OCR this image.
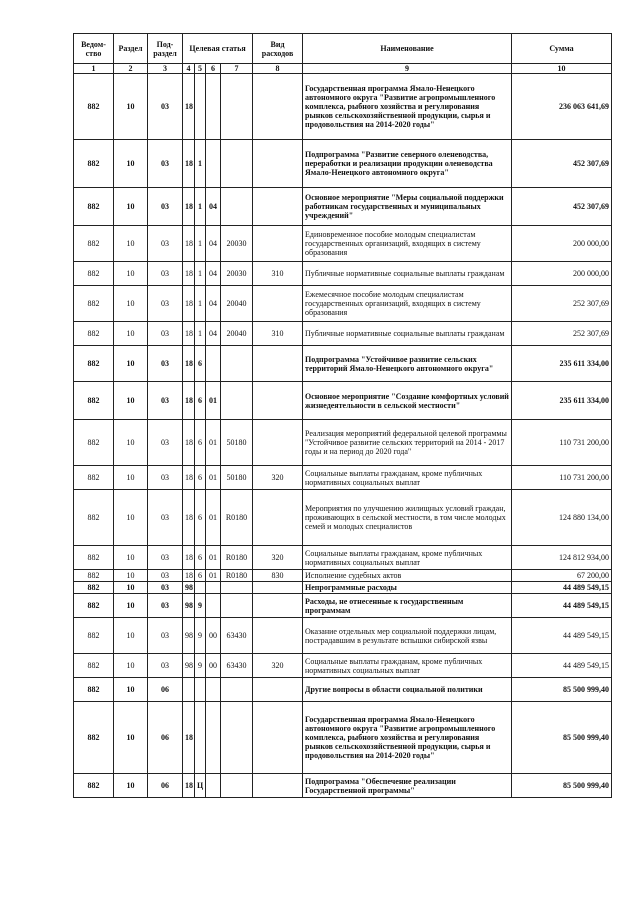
Ведом-ство	Раздел	Под-раздел	Целевая статья				Вид расходов	Наименование	Сумма
1	2	3	4	5	6	7	8	9	10
882	10	03	18					Государственная программа Ямало-Ненецкого автономного округа "Развитие агропромышленного комплекса, рыбного хозяйства и регулирования рынков сельскохозяйственной продукции, сырья и продовольствия на 2014-2020 годы"	236 063 641,69
882	10	03	18	1				Подпрограмма "Развитие северного оленеводства, переработки и реализации продукции оленеводства Ямало-Ненецкого автономного округа"	452 307,69
882	10	03	18	1	04			Основное мероприятие "Меры социальной поддержки работникам государственных и муниципальных учреждений"	452 307,69
882	10	03	18	1	04	20030		Единовременное пособие молодым специалистам государственных организаций, входящих в систему образования	200 000,00
882	10	03	18	1	04	20030	310	Публичные нормативные социальные выплаты гражданам	200 000,00
882	10	03	18	1	04	20040		Ежемесячное пособие молодым специалистам государственных организаций, входящих в систему образования	252 307,69
882	10	03	18	1	04	20040	310	Публичные нормативные социальные выплаты гражданам	252 307,69
882	10	03	18	6				Подпрограмма "Устойчивое развитие сельских территорий Ямало-Ненецкого автономного округа"	235 611 334,00
882	10	03	18	6	01			Основное мероприятие "Создание комфортных условий жизнедеятельности в сельской местности"	235 611 334,00
882	10	03	18	6	01	50180		Реализация мероприятий федеральной целевой программы "Устойчивое развитие сельских территорий на 2014 - 2017 годы и на период до 2020 года"	110 731 200,00
882	10	03	18	6	01	50180	320	Социальные выплаты гражданам, кроме публичных нормативных социальных выплат	110 731 200,00
882	10	03	18	6	01	R0180		Мероприятия по улучшению жилищных условий граждан, проживающих в сельской местности, в том числе молодых семей и молодых специалистов	124 880 134,00
882	10	03	18	6	01	R0180	320	Социальные выплаты гражданам, кроме публичных нормативных социальных выплат	124 812 934,00
882	10	03	18	6	01	R0180	830	Исполнение судебных актов	67 200,00
882	10	03	98					Непрограммные расходы	44 489 549,15
882	10	03	98	9				Расходы, не отнесенные к государственным программам	44 489 549,15
882	10	03	98	9	00	63430		Оказание отдельных мер социальной поддержки лицам, пострадавшим в результате вспышки сибирской язвы	44 489 549,15
882	10	03	98	9	00	63430	320	Социальные выплаты гражданам, кроме публичных нормативных социальных выплат	44 489 549,15
882	10	06						Другие вопросы в области социальной политики	85 500 999,40
882	10	06	18					Государственная программа Ямало-Ненецкого автономного округа "Развитие агропромышленного комплекса, рыбного хозяйства и регулирования рынков сельскохозяйственной продукции, сырья и продовольствия на 2014-2020 годы"	85 500 999,40
882	10	06	18	Ц				Подпрограмма "Обеспечение реализации Государственной программы"	85 500 999,40
